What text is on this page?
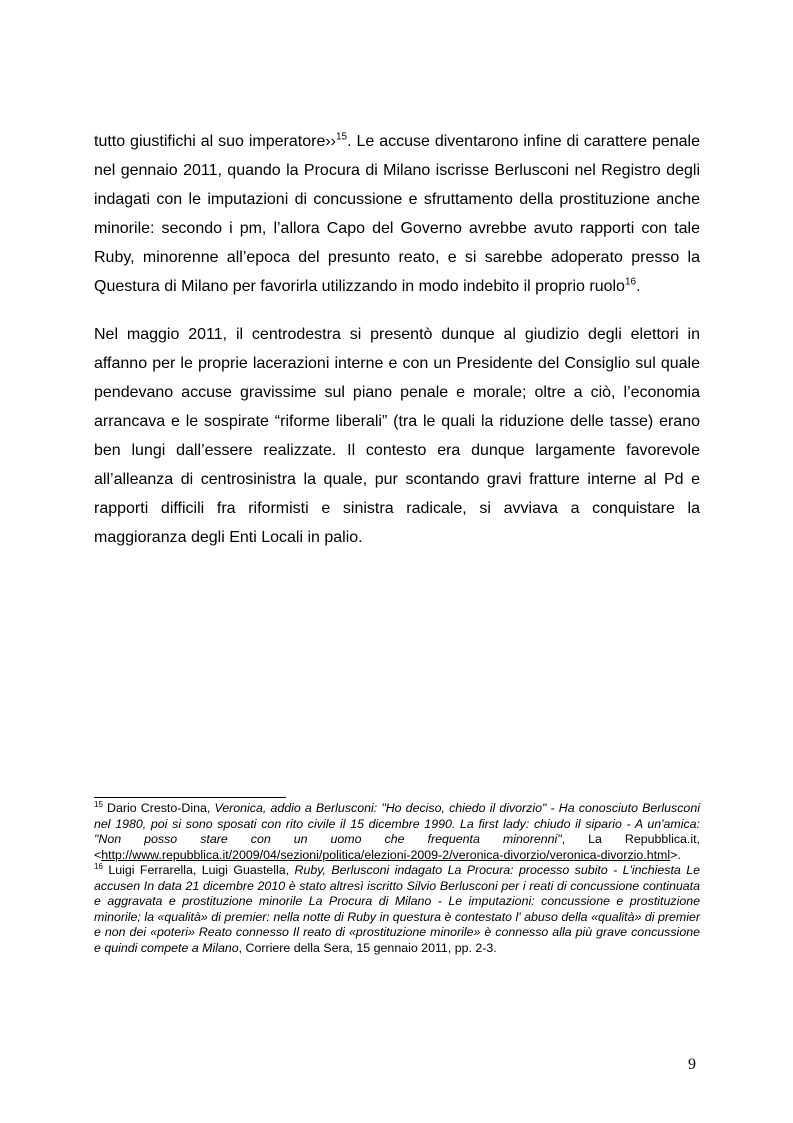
tutto giustifichi al suo imperatore››$^{15}$. Le accuse diventarono infine di carattere penale nel gennaio 2011, quando la Procura di Milano iscrisse Berlusconi nel Registro degli indagati con le imputazioni di concussione e sfruttamento della prostituzione anche minorile: secondo i pm, l’allora Capo del Governo avrebbe avuto rapporti con tale Ruby, minorenne all’epoca del presunto reato, e si sarebbe adoperato presso la Questura di Milano per favorirla utilizzando in modo indebito il proprio ruolo$^{16}$.

Nel maggio 2011, il centrodestra si presentò dunque al giudizio degli elettori in affanno per le proprie lacerazioni interne e con un Presidente del Consiglio sul quale pendevano accuse gravissime sul piano penale e morale; oltre a ciò, l’economia arrancava e le sospirate “riforme liberali” (tra le quali la riduzione delle tasse) erano ben lungi dall’essere realizzate. Il contesto era dunque largamente favorevole all’alleanza di centrosinistra la quale, pur scontando gravi fratture interne al Pd e rapporti difficili fra riformisti e sinistra radicale, si avviava a conquistare la maggioranza degli Enti Locali in palio.

$^{15}$ Dario Cresto-Dina, Veronica, addio a Berlusconi: "Ho deciso, chiedo il divorzio" - Ha conosciuto Berlusconi nel 1980, poi si sono sposati con rito civile il 15 dicembre 1990. La first lady: chiudo il sipario - A un'amica: "Non posso stare con un uomo che frequenta minorenni", La Repubblica.it, <http://www.repubblica.it/2009/04/sezioni/politica/elezioni-2009-2/veronica-divorzio/veronica-divorzio.html>.

$^{16}$ Luigi Ferrarella, Luigi Guastella, Ruby, Berlusconi indagato La Procura: processo subito - L'inchiesta Le accusen In data 21 dicembre 2010 è stato altresì iscritto Silvio Berlusconi per i reati di concussione continuata e aggravata e prostituzione minorile La Procura di Milano - Le imputazioni: concussione e prostituzione minorile; la «qualità» di premier: nella notte di Ruby in questura è contestato l' abuso della «qualità» di premier e non dei «poteri» Reato connesso Il reato di «prostituzione minorile» è connesso alla più grave concussione e quindi compete a Milano, Corriere della Sera, 15 gennaio 2011, pp. 2-3.

9
